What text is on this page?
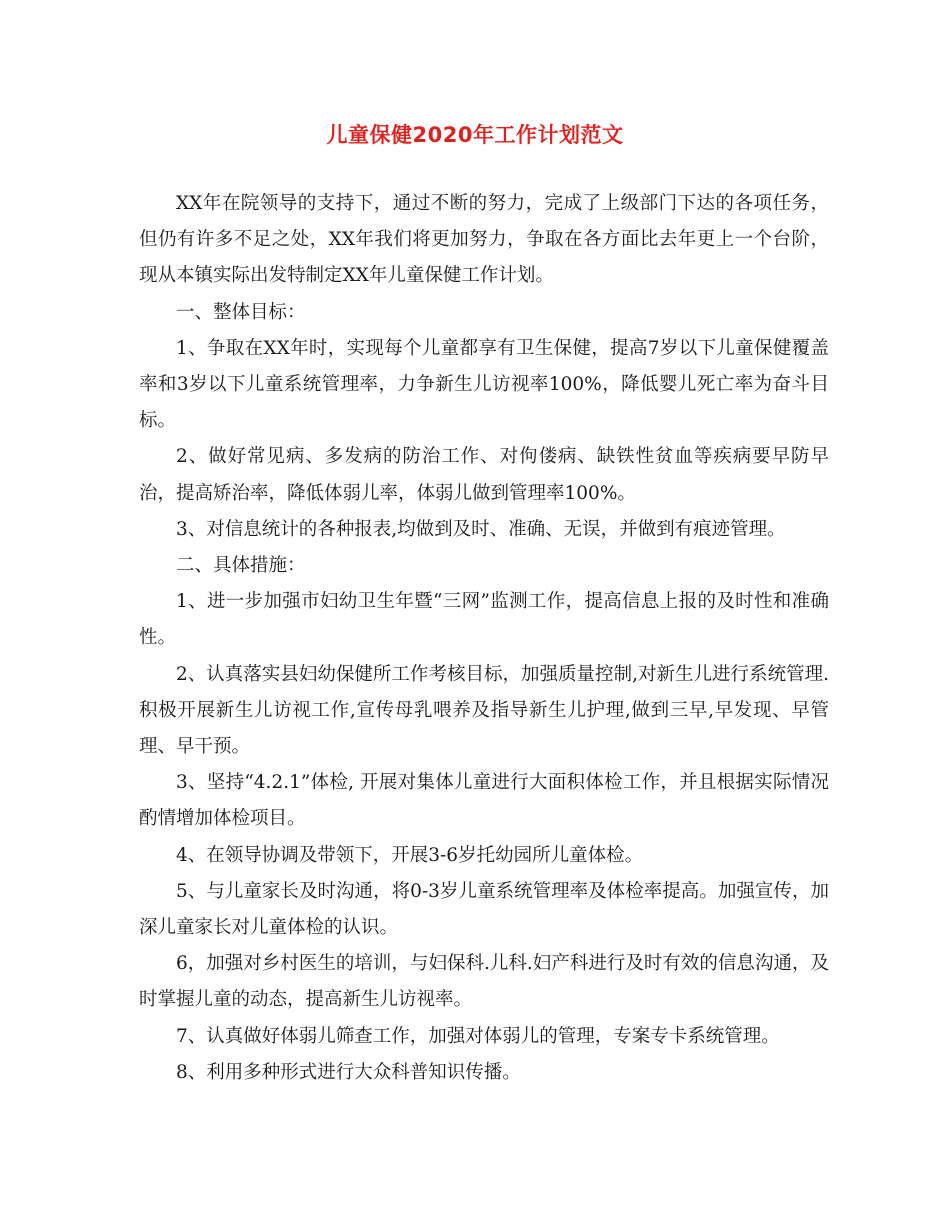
儿童保健2020年工作计划范文

XX年在院领导的支持下，通过不断的努力，完成了上级部门下达的各项任务，但仍有许多不足之处，XX年我们将更加努力，争取在各方面比去年更上一个台阶，现从本镇实际出发特制定XX年儿童保健工作计划。

一、整体目标：

1、争取在XX年时，实现每个儿童都享有卫生保健，提高7岁以下儿童保健覆盖率和3岁以下儿童系统管理率，力争新生儿访视率100%，降低婴儿死亡率为奋斗目标。

2、做好常见病、多发病的防治工作、对佝偻病、缺铁性贫血等疾病要早防早治，提高矫治率，降低体弱儿率，体弱儿做到管理率100%。

3、对信息统计的各种报表,均做到及时、准确、无误，并做到有痕迹管理。

二、具体措施：

1、进一步加强市妇幼卫生年暨“三网”监测工作，提高信息上报的及时性和准确性。

2、认真落实县妇幼保健所工作考核目标，加强质量控制,对新生儿进行系统管理.积极开展新生儿访视工作,宣传母乳喂养及指导新生儿护理,做到三早,早发现、早管理、早干预。

3、坚持“4.2.1”体检, 开展对集体儿童进行大面积体检工作，并且根据实际情况酌情增加体检项目。

4、在领导协调及带领下，开展3-6岁托幼园所儿童体检。

5、与儿童家长及时沟通，将0-3岁儿童系统管理率及体检率提高。加强宣传，加深儿童家长对儿童体检的认识。

6，加强对乡村医生的培训，与妇保科.儿科.妇产科进行及时有效的信息沟通，及时掌握儿童的动态，提高新生儿访视率。

7、认真做好体弱儿筛查工作，加强对体弱儿的管理，专案专卡系统管理。

8、利用多种形式进行大众科普知识传播。
